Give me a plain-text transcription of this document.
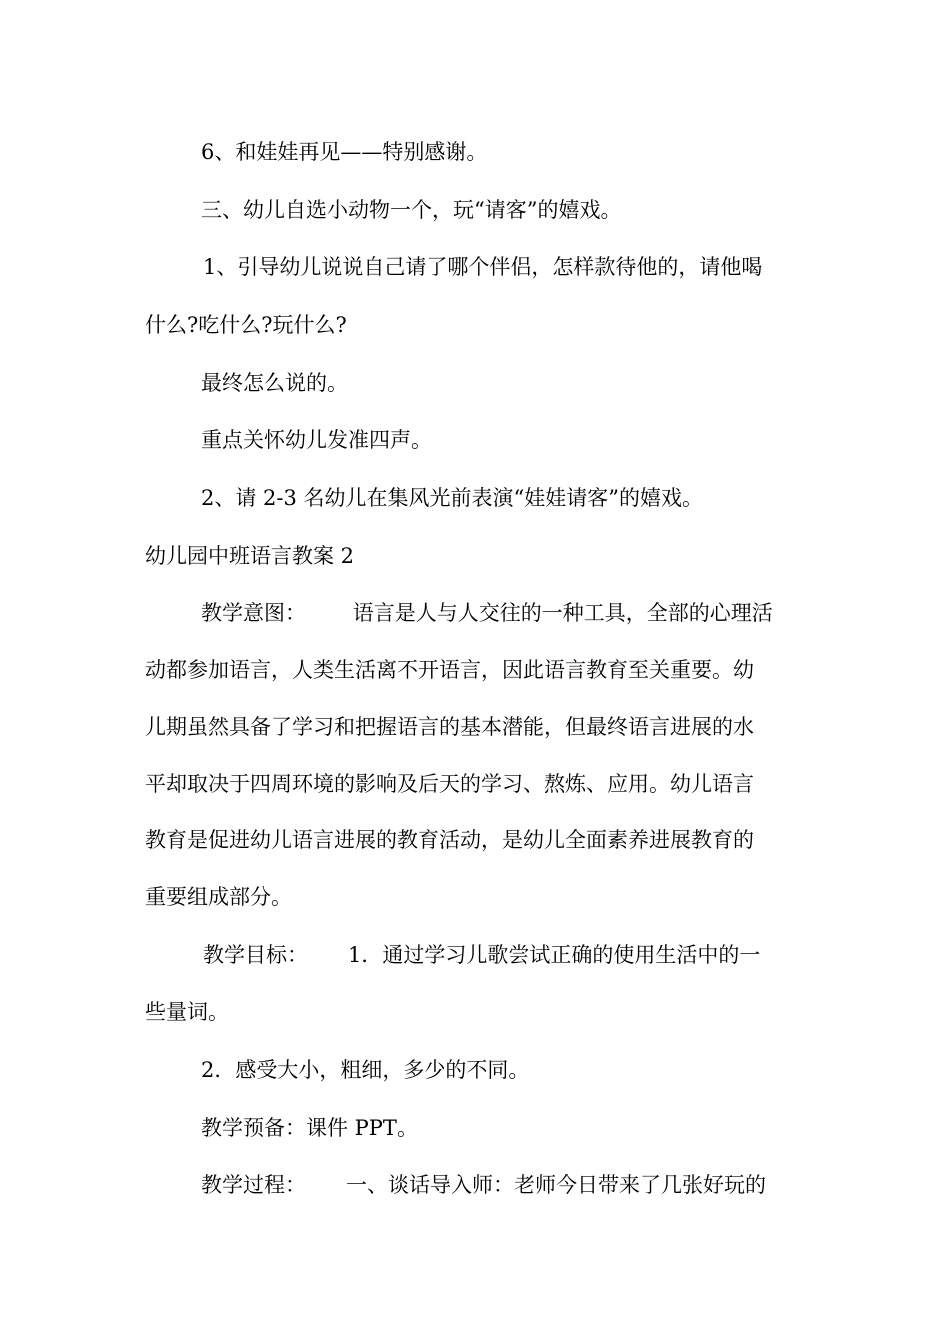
6、和娃娃再见——特别感谢。
三、幼儿自选小动物一个，玩“请客”的嬉戏。
1、引导幼儿说说自己请了哪个伴侣，怎样款待他的，请他喝
什么?吃什么?玩什么?
最终怎么说的。
重点关怀幼儿发准四声。
2、请 2-3 名幼儿在集风光前表演“娃娃请客”的嬉戏。
幼儿园中班语言教案 2
教学意图：       语言是人与人交往的一种工具，全部的心理活
动都参加语言，人类生活离不开语言，因此语言教育至关重要。幼
儿期虽然具备了学习和把握语言的基本潜能，但最终语言进展的水
平却取决于四周环境的影响及后天的学习、熬炼、应用。幼儿语言
教育是促进幼儿语言进展的教育活动，是幼儿全面素养进展教育的
重要组成部分。
教学目标：      1．通过学习儿歌尝试正确的使用生活中的一
些量词。
2．感受大小，粗细，多少的不同。
教学预备：课件 PPT。
教学过程：      一、谈话导入师：老师今日带来了几张好玩的
